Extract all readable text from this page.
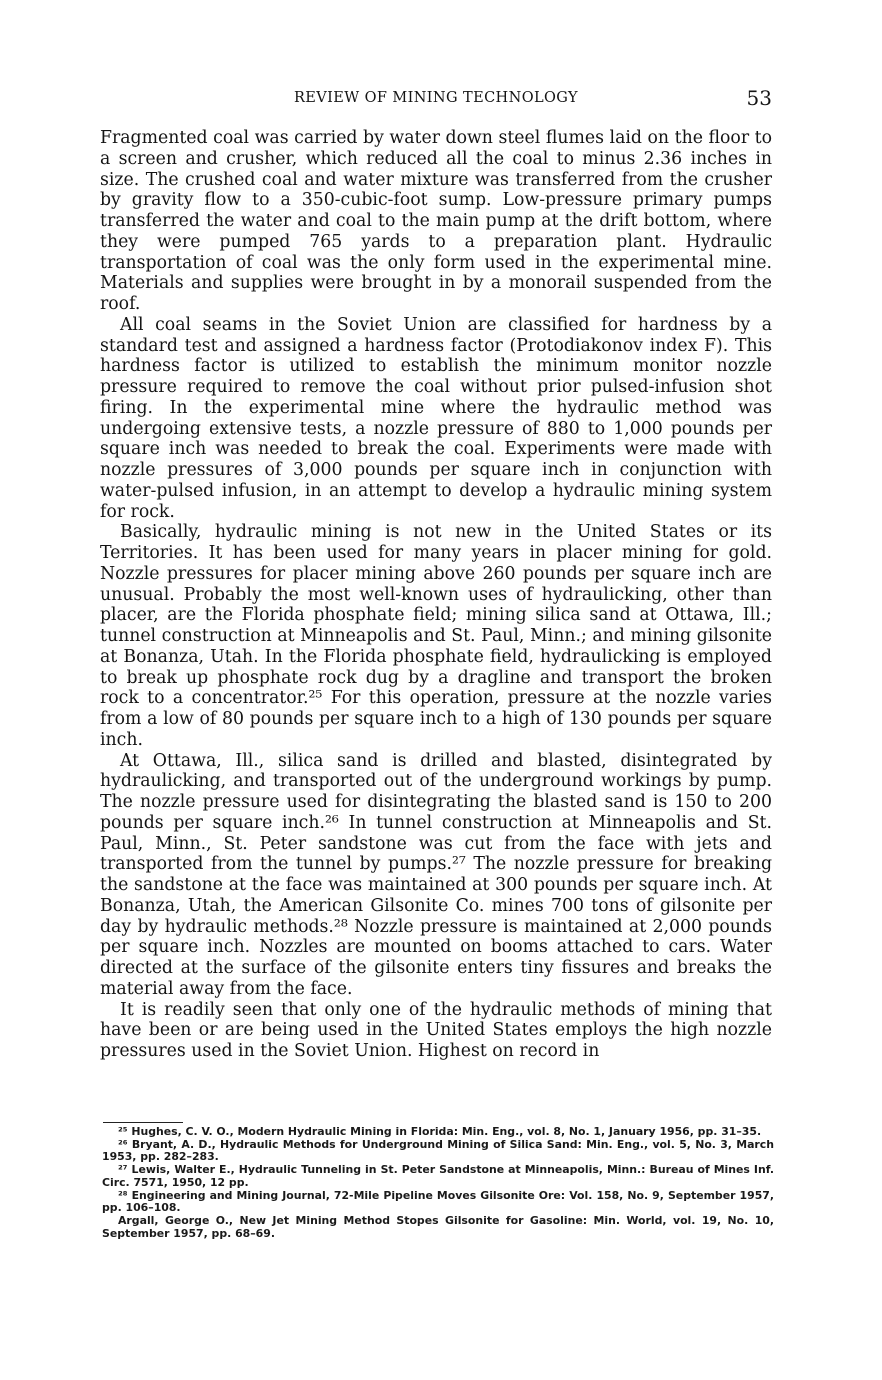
REVIEW OF MINING TECHNOLOGY	53

Fragmented coal was carried by water down steel flumes laid on the floor to a screen and crusher, which reduced all the coal to minus 2.36 inches in size. The crushed coal and water mixture was transferred from the crusher by gravity flow to a 350-cubic-foot sump. Low-pressure primary pumps transferred the water and coal to the main pump at the drift bottom, where they were pumped 765 yards to a preparation plant. Hydraulic transportation of coal was the only form used in the experimental mine. Materials and supplies were brought in by a monorail suspended from the roof.

All coal seams in the Soviet Union are classified for hardness by a standard test and assigned a hardness factor (Protodiakonov index F). This hardness factor is utilized to establish the minimum monitor nozzle pressure required to remove the coal without prior pulsed-infusion shot firing. In the experimental mine where the hydraulic method was undergoing extensive tests, a nozzle pressure of 880 to 1,000 pounds per square inch was needed to break the coal. Experiments were made with nozzle pressures of 3,000 pounds per square inch in conjunction with water-pulsed infusion, in an attempt to develop a hydraulic mining system for rock.

Basically, hydraulic mining is not new in the United States or its Territories. It has been used for many years in placer mining for gold. Nozzle pressures for placer mining above 260 pounds per square inch are unusual. Probably the most well-known uses of hydraulicking, other than placer, are the Florida phosphate field; mining silica sand at Ottawa, Ill.; tunnel construction at Minneapolis and St. Paul, Minn.; and mining gilsonite at Bonanza, Utah. In the Florida phosphate field, hydraulicking is employed to break up phosphate rock dug by a dragline and transport the broken rock to a concentrator.²⁵ For this operation, pressure at the nozzle varies from a low of 80 pounds per square inch to a high of 130 pounds per square inch.

At Ottawa, Ill., silica sand is drilled and blasted, disintegrated by hydraulicking, and transported out of the underground workings by pump. The nozzle pressure used for disintegrating the blasted sand is 150 to 200 pounds per square inch.²⁶ In tunnel construction at Minneapolis and St. Paul, Minn., St. Peter sandstone was cut from the face with jets and transported from the tunnel by pumps.²⁷ The nozzle pressure for breaking the sandstone at the face was maintained at 300 pounds per square inch. At Bonanza, Utah, the American Gilsonite Co. mines 700 tons of gilsonite per day by hydraulic methods.²⁸ Nozzle pressure is maintained at 2,000 pounds per square inch. Nozzles are mounted on booms attached to cars. Water directed at the surface of the gilsonite enters tiny fissures and breaks the material away from the face.

It is readily seen that only one of the hydraulic methods of mining that have been or are being used in the United States employs the high nozzle pressures used in the Soviet Union. Highest on record in

²⁵ Hughes, C. V. O., Modern Hydraulic Mining in Florida: Min. Eng., vol. 8, No. 1, January 1956, pp. 31–35.

²⁶ Bryant, A. D., Hydraulic Methods for Underground Mining of Silica Sand: Min. Eng., vol. 5, No. 3, March 1953, pp. 282–283.

²⁷ Lewis, Walter E., Hydraulic Tunneling in St. Peter Sandstone at Minneapolis, Minn.: Bureau of Mines Inf. Circ. 7571, 1950, 12 pp.

²⁸ Engineering and Mining Journal, 72-Mile Pipeline Moves Gilsonite Ore: Vol. 158, No. 9, September 1957, pp. 106–108.

Argall, George O., New Jet Mining Method Stopes Gilsonite for Gasoline: Min. World, vol. 19, No. 10, September 1957, pp. 68–69.
